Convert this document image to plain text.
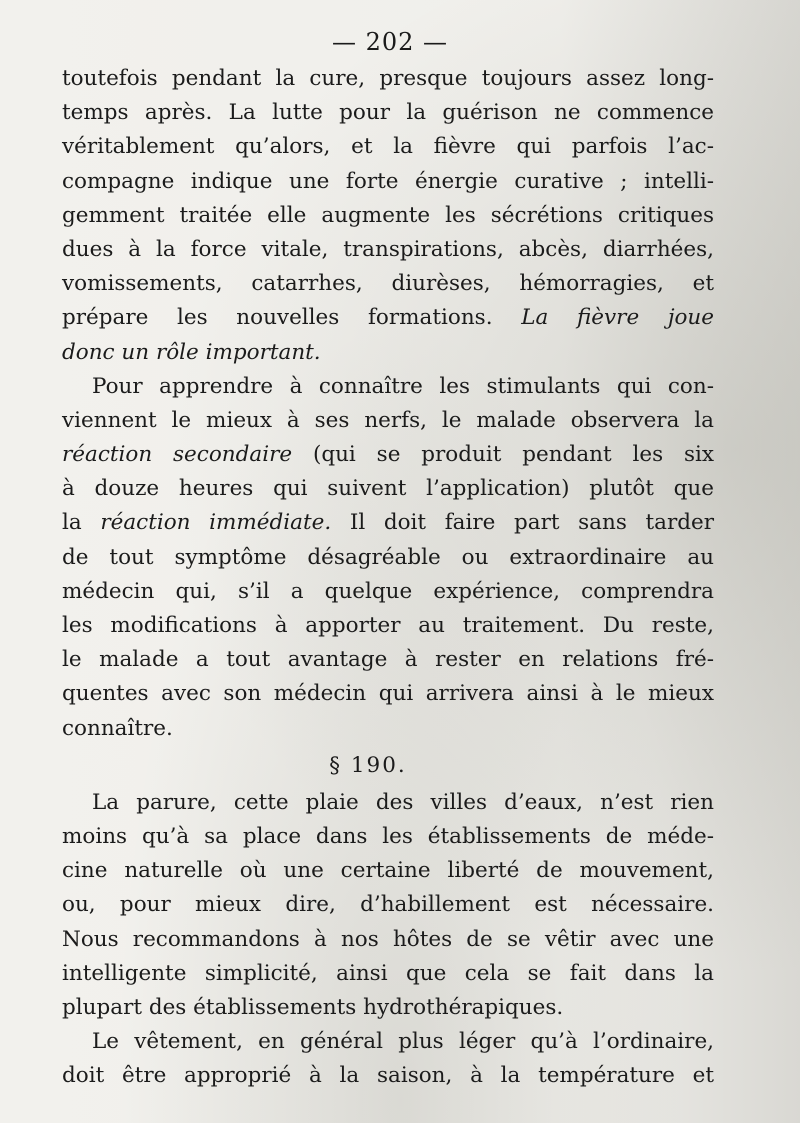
— 202 —
toutefois pendant la cure, presque toujours assez long-
temps après. La lutte pour la guérison ne commence
véritablement qu’alors, et la fièvre qui parfois l’ac-
compagne indique une forte énergie curative ; intelli-
gemment traitée elle augmente les sécrétions critiques
dues à la force vitale, transpirations, abcès, diarrhées,
vomissements, catarrhes, diurèses, hémorragies, et
prépare les nouvelles formations. La fièvre joue
donc un rôle important.
Pour apprendre à connaître les stimulants qui con-
viennent le mieux à ses nerfs, le malade observera la
réaction secondaire (qui se produit pendant les six
à douze heures qui suivent l’application) plutôt que
la réaction immédiate. Il doit faire part sans tarder
de tout symptôme désagréable ou extraordinaire au
médecin qui, s’il a quelque expérience, comprendra
les modifications à apporter au traitement. Du reste,
le malade a tout avantage à rester en relations fré-
quentes avec son médecin qui arrivera ainsi à le mieux
connaître.
§ 190.
La parure, cette plaie des villes d’eaux, n’est rien
moins qu’à sa place dans les établissements de méde-
cine naturelle où une certaine liberté de mouvement,
ou, pour mieux dire, d’habillement est nécessaire.
Nous recommandons à nos hôtes de se vêtir avec une
intelligente simplicité, ainsi que cela se fait dans la
plupart des établissements hydrothérapiques.
Le vêtement, en général plus léger qu’à l’ordinaire,
doit être approprié à la saison, à la température et
